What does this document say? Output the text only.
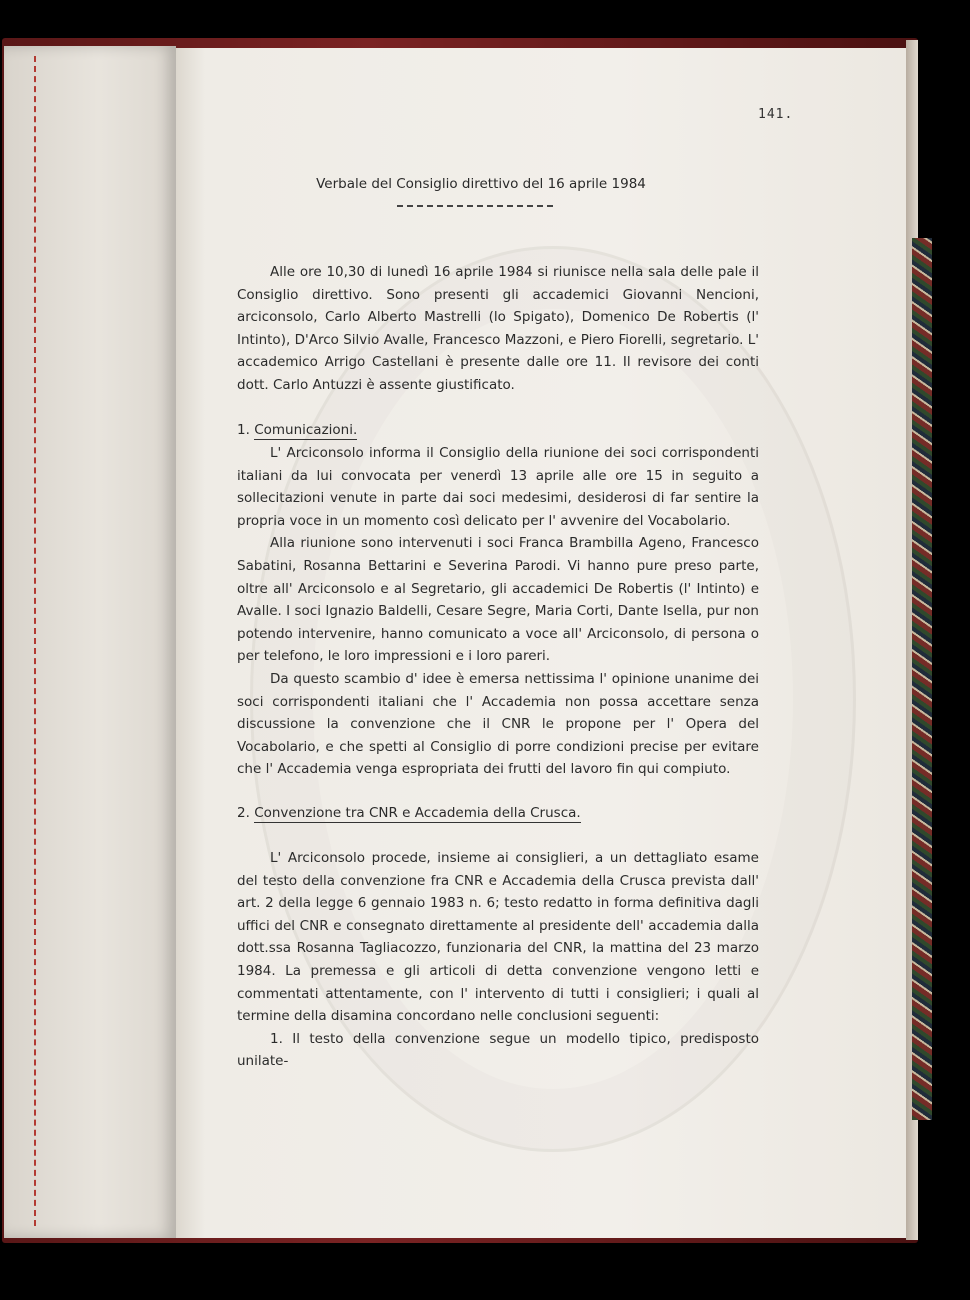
141.
Verbale del Consiglio direttivo del 16 aprile 1984

Alle ore 10,30 di lunedì 16 aprile 1984 si riunisce nella sala delle pale il Consiglio direttivo. Sono presenti gli accademici Giovanni Nencioni, arciconsolo, Carlo Alberto Mastrelli (lo Spigato), Domenico De Robertis (l' Intinto), D'Arco Silvio Avalle, Francesco Mazzoni, e Piero Fiorelli, segretario. L' accademico Arrigo Castellani è presente dalle ore 11. Il revisore dei conti dott. Carlo Antuzzi è assente giustificato.

1. Comunicazioni.

L' Arciconsolo informa il Consiglio della riunione dei soci corrispondenti italiani da lui convocata per venerdì 13 aprile alle ore 15 in seguito a sollecitazioni venute in parte dai soci medesimi, desiderosi di far sentire la propria voce in un momento così delicato per l' avvenire del Vocabolario.

Alla riunione sono intervenuti i soci Franca Brambilla Ageno, Francesco Sabatini, Rosanna Bettarini e Severina Parodi. Vi hanno pure preso parte, oltre all' Arciconsolo e al Segretario, gli accademici De Robertis (l' Intinto) e Avalle. I soci Ignazio Baldelli, Cesare Segre, Maria Corti, Dante Isella, pur non potendo intervenire, hanno comunicato a voce all' Arciconsolo, di persona o per telefono, le loro impressioni e i loro pareri.

Da questo scambio d' idee è emersa nettissima l' opinione unanime dei soci corrispondenti italiani che l' Accademia non possa accettare senza discussione la convenzione che il CNR le propone per l' Opera del Vocabolario, e che spetti al Consiglio di porre condizioni precise per evitare che l' Accademia venga espropriata dei frutti del lavoro fin qui compiuto.

2. Convenzione tra CNR e Accademia della Crusca.

L' Arciconsolo procede, insieme ai consiglieri, a un dettagliato esame del testo della convenzione fra CNR e Accademia della Crusca prevista dall' art. 2 della legge 6 gennaio 1983 n. 6; testo redatto in forma definitiva dagli uffici del CNR e consegnato direttamente al presidente dell' accademia dalla dott.ssa Rosanna Tagliacozzo, funzionaria del CNR, la mattina del 23 marzo 1984. La premessa e gli articoli di detta convenzione vengono letti e commentati attentamente, con l' intervento di tutti i consiglieri; i quali al termine della disamina concordano nelle conclusioni seguenti:

1. Il testo della convenzione segue un modello tipico, predisposto unilate-
